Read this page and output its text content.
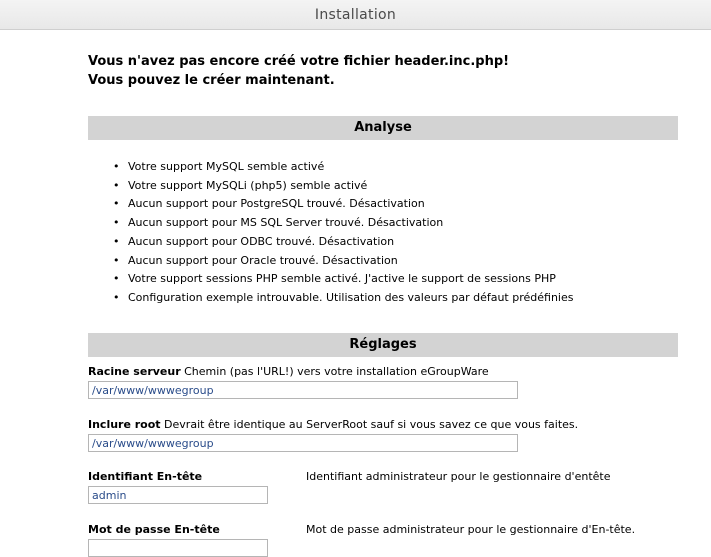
Installation
Vous n'avez pas encore créé votre fichier header.inc.php!
Vous pouvez le créer maintenant.
Analyse
• Votre support MySQL semble activé
• Votre support MySQLi (php5) semble activé
• Aucun support pour PostgreSQL trouvé. Désactivation
• Aucun support pour MS SQL Server trouvé. Désactivation
• Aucun support pour ODBC trouvé. Désactivation
• Aucun support pour Oracle trouvé. Désactivation
• Votre support sessions PHP semble activé. J'active le support de sessions PHP
• Configuration exemple introuvable. Utilisation des valeurs par défaut prédéfinies
Réglages
Racine serveur Chemin (pas l'URL!) vers votre installation eGroupWare
/var/www/wwwegroup
Inclure root Devrait être identique au ServerRoot sauf si vous savez ce que vous faites.
/var/www/wwwegroup
Identifiant En-tête	Identifiant administrateur pour le gestionnaire d'entête
admin
Mot de passe En-tête	Mot de passe administrateur pour le gestionnaire d'En-tête.
